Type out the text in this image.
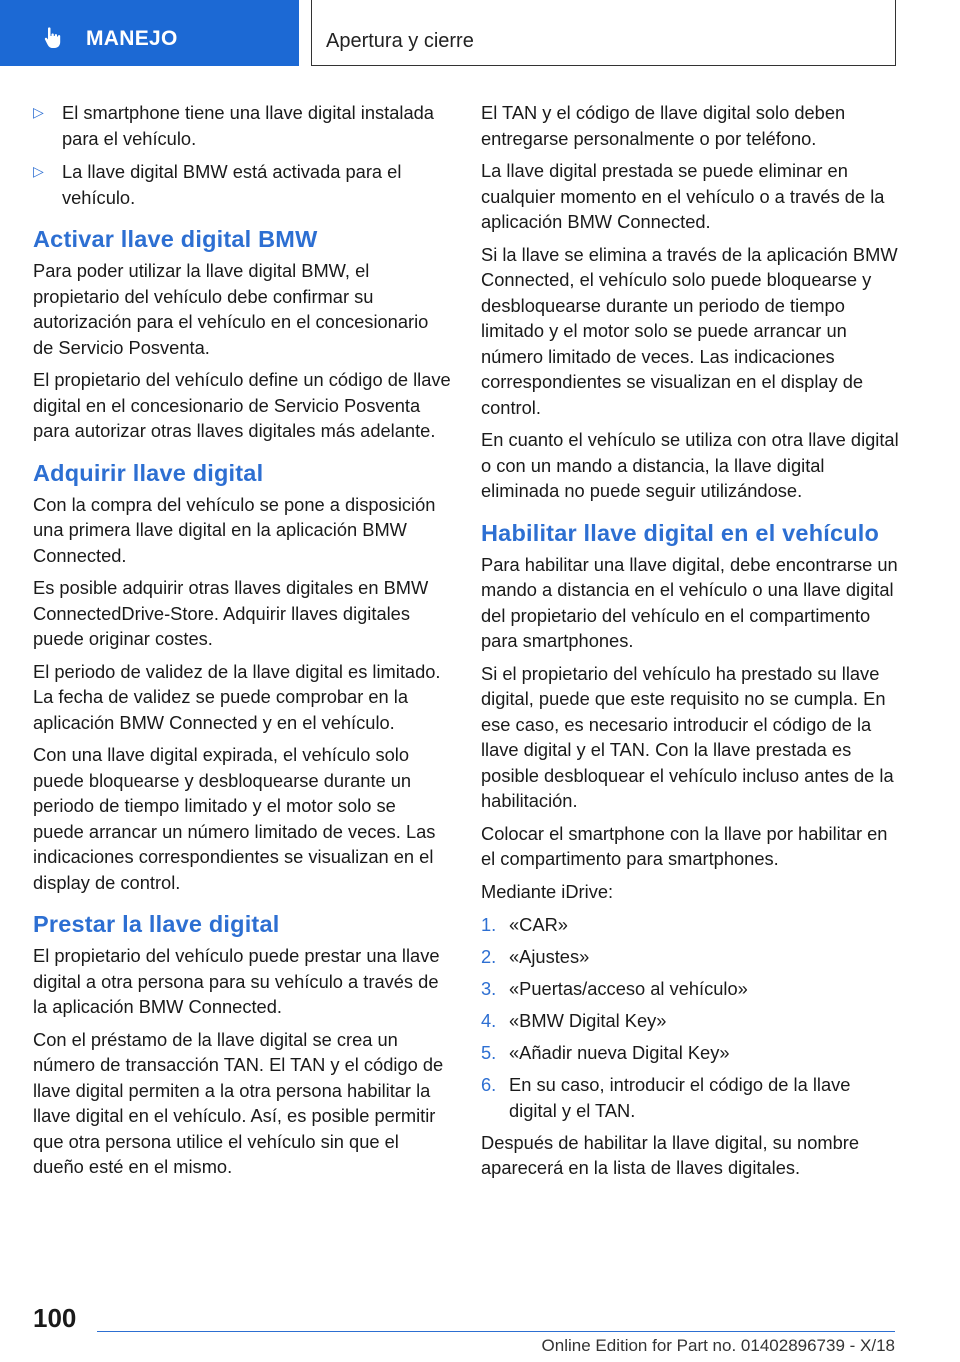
MANEJO	Apertura y cierre
▷ El smartphone tiene una llave digital instalada para el vehículo.
▷ La llave digital BMW está activada para el vehículo.
Activar llave digital BMW

Para poder utilizar la llave digital BMW, el propietario del vehículo debe confirmar su autorización para el vehículo en el concesionario de Servicio Posventa.

El propietario del vehículo define un código de llave digital en el concesionario de Servicio Posventa para autorizar otras llaves digitales más adelante.

Adquirir llave digital

Con la compra del vehículo se pone a disposición una primera llave digital en la aplicación BMW Connected.

Es posible adquirir otras llaves digitales en BMW ConnectedDrive-Store. Adquirir llaves digitales puede originar costes.

El periodo de validez de la llave digital es limitado. La fecha de validez se puede comprobar en la aplicación BMW Connected y en el vehículo.

Con una llave digital expirada, el vehículo solo puede bloquearse y desbloquearse durante un periodo de tiempo limitado y el motor solo se puede arrancar un número limitado de veces. Las indicaciones correspondientes se visualizan en el display de control.

Prestar la llave digital

El propietario del vehículo puede prestar una llave digital a otra persona para su vehículo a través de la aplicación BMW Connected.

Con el préstamo de la llave digital se crea un número de transacción TAN. El TAN y el código de llave digital permiten a la otra persona habilitar la llave digital en el vehículo. Así, es posible permitir que otra persona utilice el vehículo sin que el dueño esté en el mismo.

El TAN y el código de llave digital solo deben entregarse personalmente o por teléfono.

La llave digital prestada se puede eliminar en cualquier momento en el vehículo o a través de la aplicación BMW Connected.

Si la llave se elimina a través de la aplicación BMW Connected, el vehículo solo puede bloquearse y desbloquearse durante un periodo de tiempo limitado y el motor solo se puede arrancar un número limitado de veces. Las indicaciones correspondientes se visualizan en el display de control.

En cuanto el vehículo se utiliza con otra llave digital o con un mando a distancia, la llave digital eliminada no puede seguir utilizándose.

Habilitar llave digital en el vehículo

Para habilitar una llave digital, debe encontrarse un mando a distancia en el vehículo o una llave digital del propietario del vehículo en el compartimento para smartphones.

Si el propietario del vehículo ha prestado su llave digital, puede que este requisito no se cumpla. En ese caso, es necesario introducir el código de la llave digital y el TAN. Con la llave prestada es posible desbloquear el vehículo incluso antes de la habilitación.

Colocar el smartphone con la llave por habilitar en el compartimento para smartphones.

Mediante iDrive:

1. «CAR»
2. «Ajustes»
3. «Puertas/acceso al vehículo»
4. «BMW Digital Key»
5. «Añadir nueva Digital Key»
6. En su caso, introducir el código de la llave digital y el TAN.

Después de habilitar la llave digital, su nombre aparecerá en la lista de llaves digitales.

100
Online Edition for Part no. 01402896739 - X/18
